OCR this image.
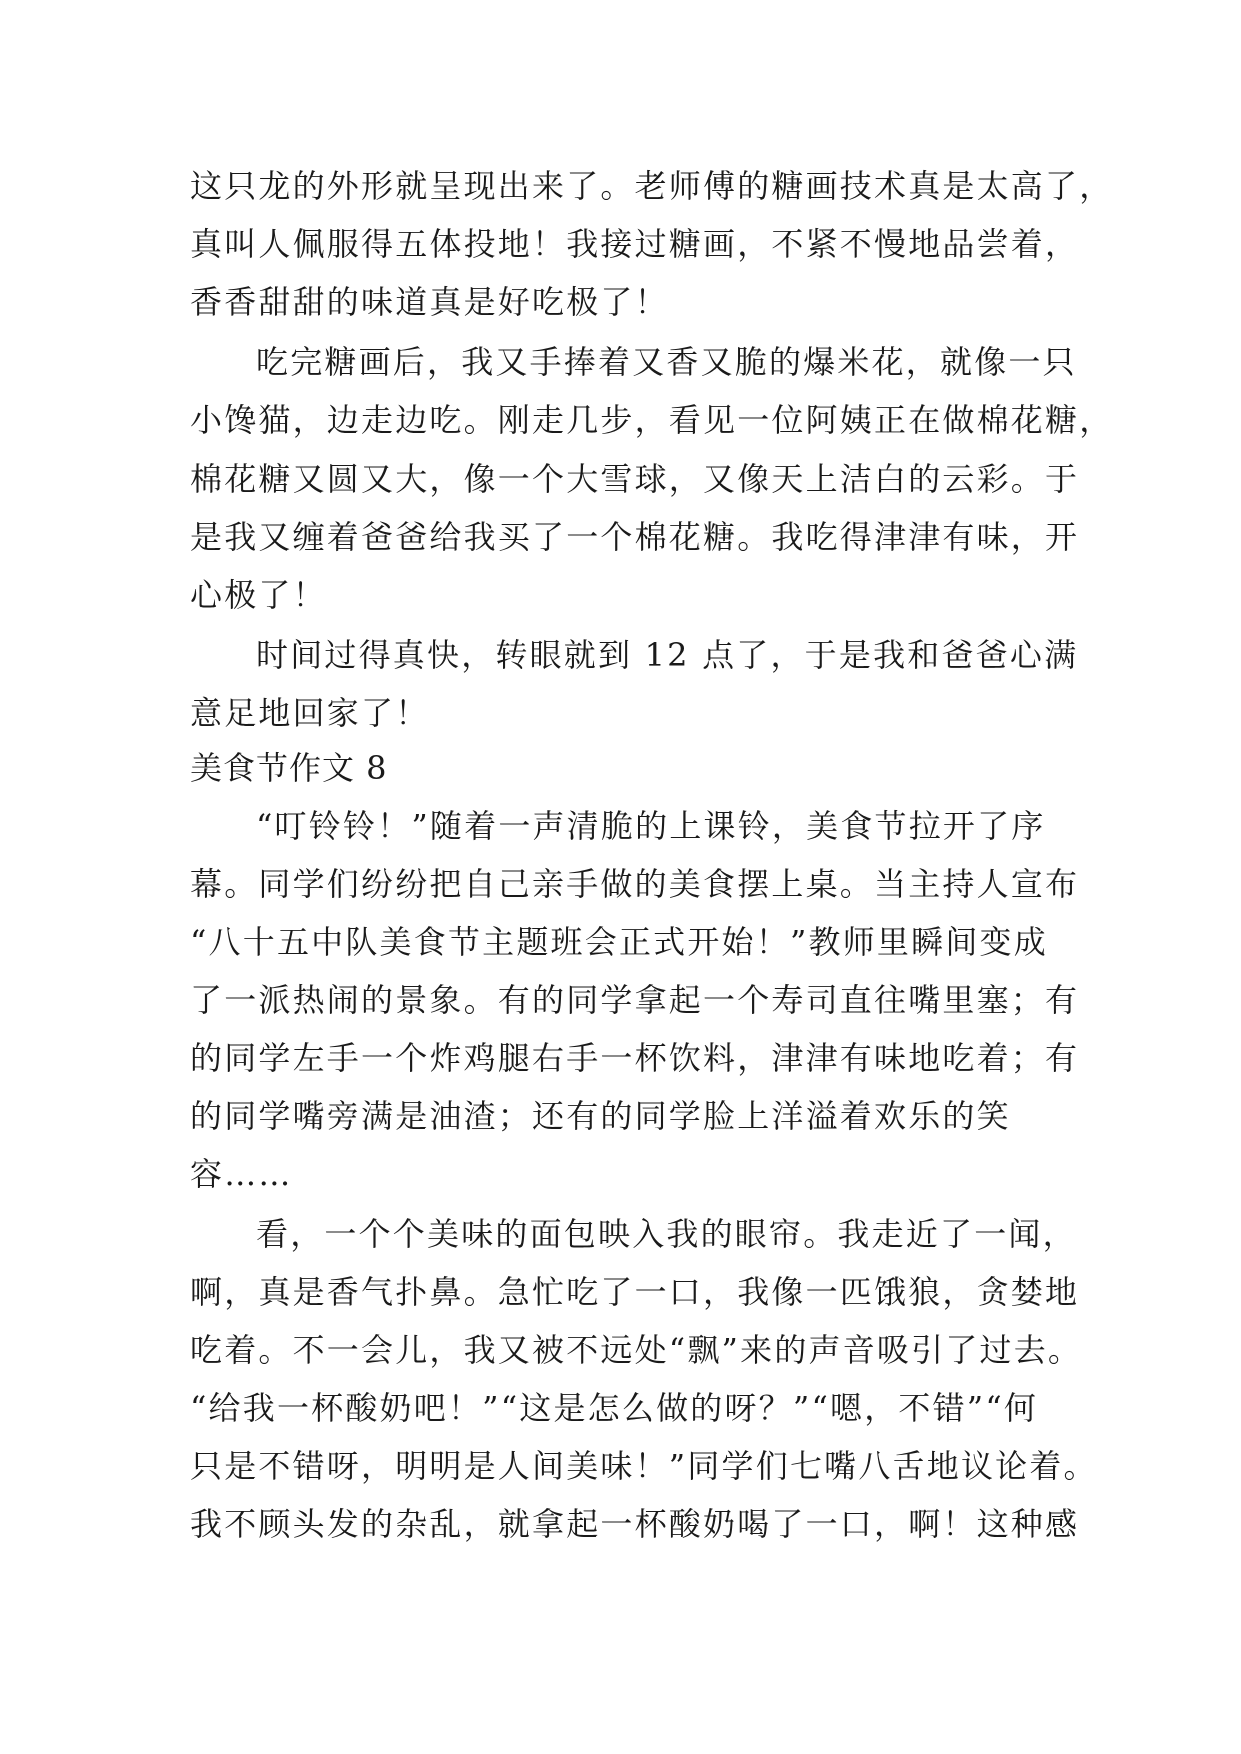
这只龙的外形就呈现出来了。老师傅的糖画技术真是太高了，
真叫人佩服得五体投地！我接过糖画，不紧不慢地品尝着，
香香甜甜的味道真是好吃极了！
吃完糖画后，我又手捧着又香又脆的爆米花，就像一只
小馋猫，边走边吃。刚走几步，看见一位阿姨正在做棉花糖，
棉花糖又圆又大，像一个大雪球，又像天上洁白的云彩。于
是我又缠着爸爸给我买了一个棉花糖。我吃得津津有味，开
心极了！
时间过得真快，转眼就到 12 点了，于是我和爸爸心满
意足地回家了！
美食节作文 8
“叮铃铃！”随着一声清脆的上课铃，美食节拉开了序
幕。同学们纷纷把自己亲手做的美食摆上桌。当主持人宣布
“八十五中队美食节主题班会正式开始！”教师里瞬间变成
了一派热闹的景象。有的同学拿起一个寿司直往嘴里塞；有
的同学左手一个炸鸡腿右手一杯饮料，津津有味地吃着；有
的同学嘴旁满是油渣；还有的同学脸上洋溢着欢乐的笑
容……
看，一个个美味的面包映入我的眼帘。我走近了一闻，
啊，真是香气扑鼻。急忙吃了一口，我像一匹饿狼，贪婪地
吃着。不一会儿，我又被不远处“飘”来的声音吸引了过去。
“给我一杯酸奶吧！”“这是怎么做的呀？”“嗯，不错”“何
只是不错呀，明明是人间美味！”同学们七嘴八舌地议论着。
我不顾头发的杂乱，就拿起一杯酸奶喝了一口，啊！这种感
